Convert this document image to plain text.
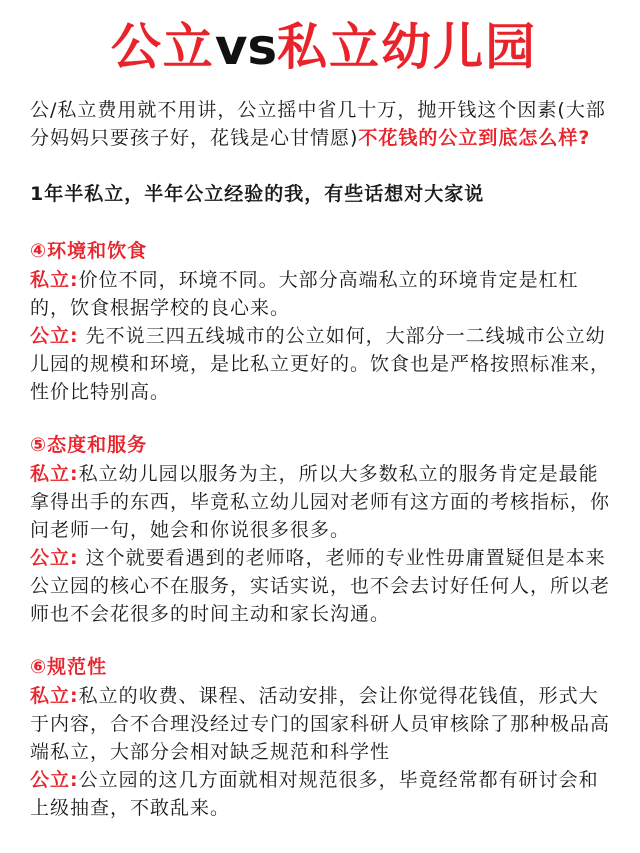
公立vs私立幼儿园

公/私立费用就不用讲，公立摇中省几十万，抛开钱这个因素(大部分妈妈只要孩子好，花钱是心甘情愿)不花钱的公立到底怎么样?

1年半私立，半年公立经验的我，有些话想对大家说

④环境和饮食

私立:价位不同，环境不同。大部分高端私立的环境肯定是杠杠的，饮食根据学校的良心来。

公立: 先不说三四五线城市的公立如何，大部分一二线城市公立幼儿园的规模和环境，是比私立更好的。饮食也是严格按照标准来，性价比特别高。

⑤态度和服务

私立:私立幼儿园以服务为主，所以大多数私立的服务肯定是最能拿得出手的东西，毕竟私立幼儿园对老师有这方面的考核指标，你问老师一句，她会和你说很多很多。

公立: 这个就要看遇到的老师咯，老师的专业性毋庸置疑但是本来公立园的核心不在服务，实话实说，也不会去讨好任何人，所以老师也不会花很多的时间主动和家长沟通。

⑥规范性

私立:私立的收费、课程、活动安排，会让你觉得花钱值，形式大于内容，合不合理没经过专门的国家科研人员审核除了那种极品高端私立，大部分会相对缺乏规范和科学性

公立:公立园的这几方面就相对规范很多，毕竟经常都有研讨会和上级抽查，不敢乱来。
